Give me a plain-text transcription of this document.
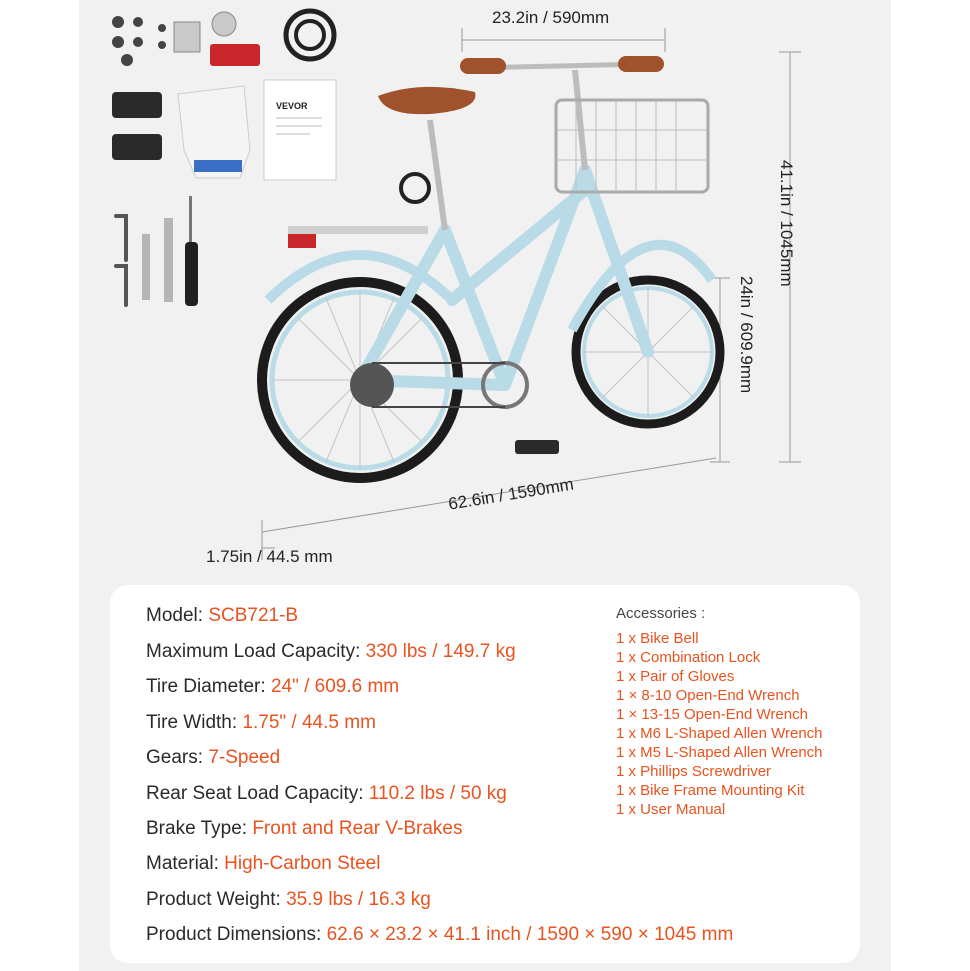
VEVOR
23.2in / 590mm
41.1in / 1045mm
24in / 609.9mm
62.6in / 1590mm
1.75in / 44.5 mm
Model: SCB721-B
Maximum Load Capacity: 330 lbs / 149.7 kg
Tire Diameter: 24" / 609.6 mm
Tire Width: 1.75" / 44.5 mm
Gears: 7-Speed
Rear Seat Load Capacity: 110.2 lbs / 50 kg
Brake Type: Front and Rear V-Brakes
Material: High-Carbon Steel
Product Weight: 35.9 lbs / 16.3 kg
Product Dimensions: 62.6 × 23.2 × 41.1 inch / 1590 × 590 × 1045 mm
Accessories :
1 x Bike Bell
1 x Combination Lock
1 x Pair of Gloves
1 × 8-10 Open-End Wrench
1 × 13-15 Open-End Wrench
1 x M6 L-Shaped Allen Wrench
1 x M5 L-Shaped Allen Wrench
1 x Phillips Screwdriver
1 x Bike Frame Mounting Kit
1 x User Manual
